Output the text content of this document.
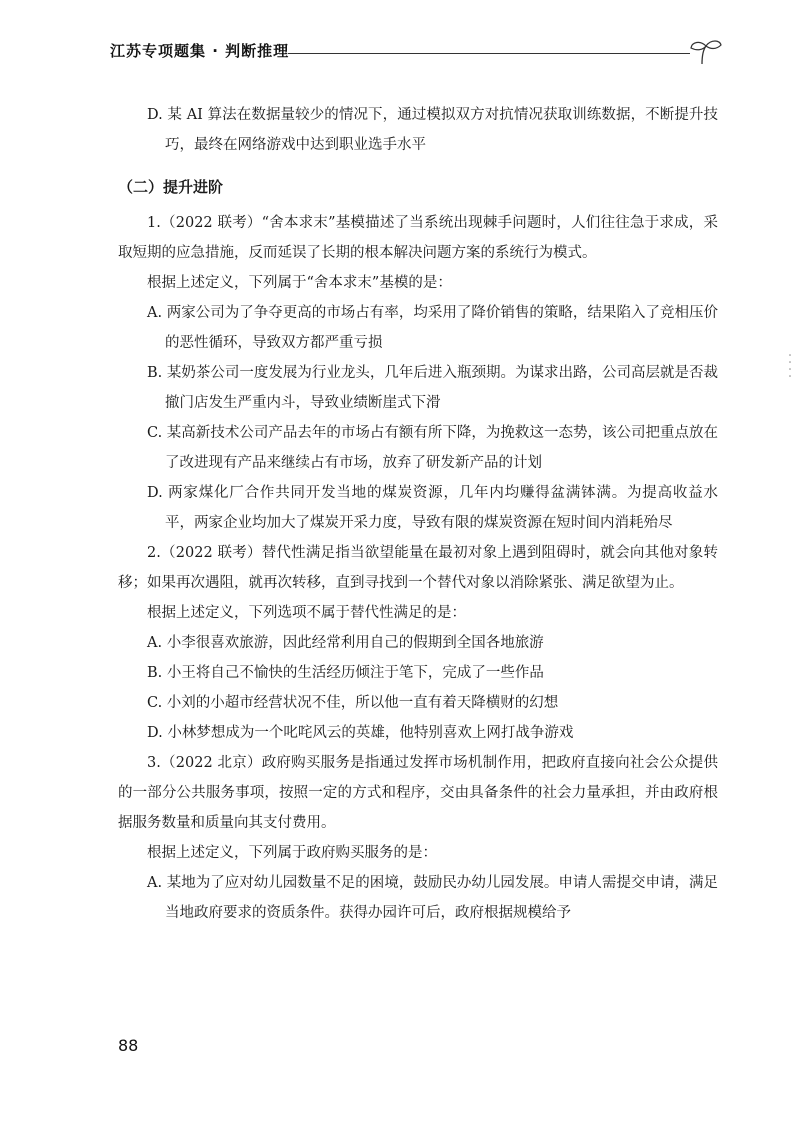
江苏专项题集 · 判断推理

D. 某 AI 算法在数据量较少的情况下，通过模拟双方对抗情况获取训练数据，不断提升技巧，最终在网络游戏中达到职业选手水平

（二）提升进阶

1.（2022 联考）“舍本求末”基模描述了当系统出现棘手问题时，人们往往急于求成，采取短期的应急措施，反而延误了长期的根本解决问题方案的系统行为模式。

根据上述定义，下列属于“舍本求末”基模的是：

A. 两家公司为了争夺更高的市场占有率，均采用了降价销售的策略，结果陷入了竞相压价的恶性循环，导致双方都严重亏损

B. 某奶茶公司一度发展为行业龙头，几年后进入瓶颈期。为谋求出路，公司高层就是否裁撤门店发生严重内斗，导致业绩断崖式下滑

C. 某高新技术公司产品去年的市场占有额有所下降，为挽救这一态势，该公司把重点放在了改进现有产品来继续占有市场，放弃了研发新产品的计划

D. 两家煤化厂合作共同开发当地的煤炭资源，几年内均赚得盆满钵满。为提高收益水平，两家企业均加大了煤炭开采力度，导致有限的煤炭资源在短时间内消耗殆尽

2.（2022 联考）替代性满足指当欲望能量在最初对象上遇到阻碍时，就会向其他对象转移；如果再次遇阻，就再次转移，直到寻找到一个替代对象以消除紧张、满足欲望为止。

根据上述定义，下列选项不属于替代性满足的是：

A. 小李很喜欢旅游，因此经常利用自己的假期到全国各地旅游

B. 小王将自己不愉快的生活经历倾注于笔下，完成了一些作品

C. 小刘的小超市经营状况不佳，所以他一直有着天降横财的幻想

D. 小林梦想成为一个叱咤风云的英雄，他特别喜欢上网打战争游戏

3.（2022 北京）政府购买服务是指通过发挥市场机制作用，把政府直接向社会公众提供的一部分公共服务事项，按照一定的方式和程序，交由具备条件的社会力量承担，并由政府根据服务数量和质量向其支付费用。

根据上述定义，下列属于政府购买服务的是：

A. 某地为了应对幼儿园数量不足的困境，鼓励民办幼儿园发展。申请人需提交申请，满足当地政府要求的资质条件。获得办园许可后，政府根据规模给予

88
